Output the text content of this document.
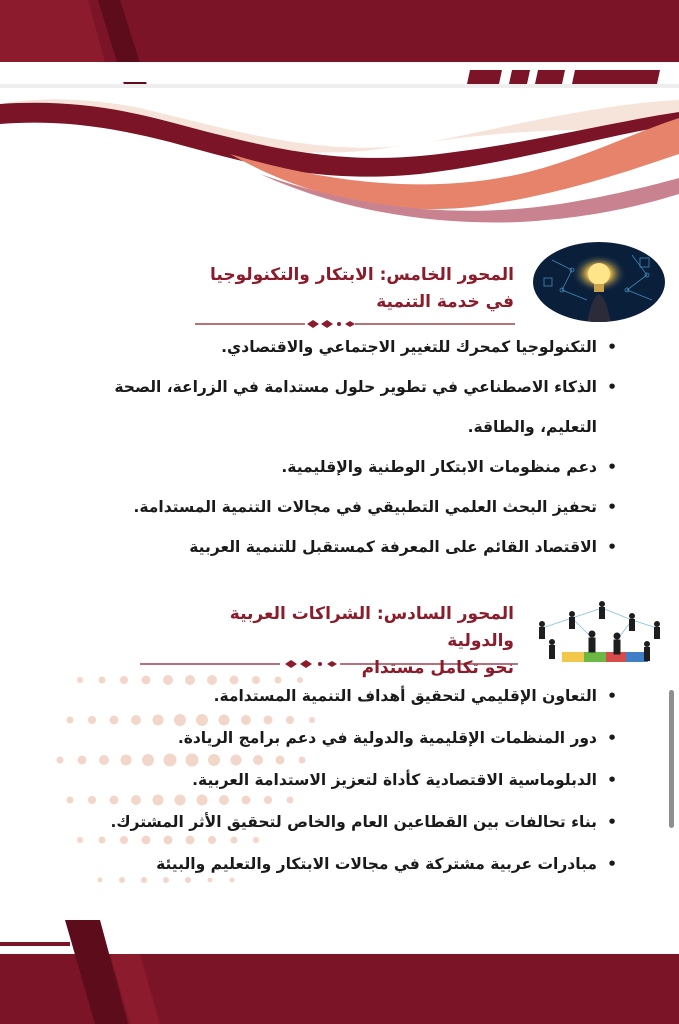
المحور الخامس: الابتكار والتكنولوجيا
في خدمة التنمية
• التكنولوجيا كمحرك للتغيير الاجتماعي والاقتصادي.
• الذكاء الاصطناعي في تطوير حلول مستدامة في الزراعة، الصحة
التعليم، والطاقة.
• دعم منظومات الابتكار الوطنية والإقليمية.
• تحفيز البحث العلمي التطبيقي في مجالات التنمية المستدامة.
• الاقتصاد القائم على المعرفة كمستقبل للتنمية العربية
المحور السادس: الشراكات العربية والدولية
نحو تكامل مستدام
• التعاون الإقليمي لتحقيق أهداف التنمية المستدامة.
• دور المنظمات الإقليمية والدولية في دعم برامج الريادة.
• الدبلوماسية الاقتصادية كأداة لتعزيز الاستدامة العربية.
• بناء تحالفات بين القطاعين العام والخاص لتحقيق الأثر المشترك.
• مبادرات عربية مشتركة في مجالات الابتكار والتعليم والبيئة
